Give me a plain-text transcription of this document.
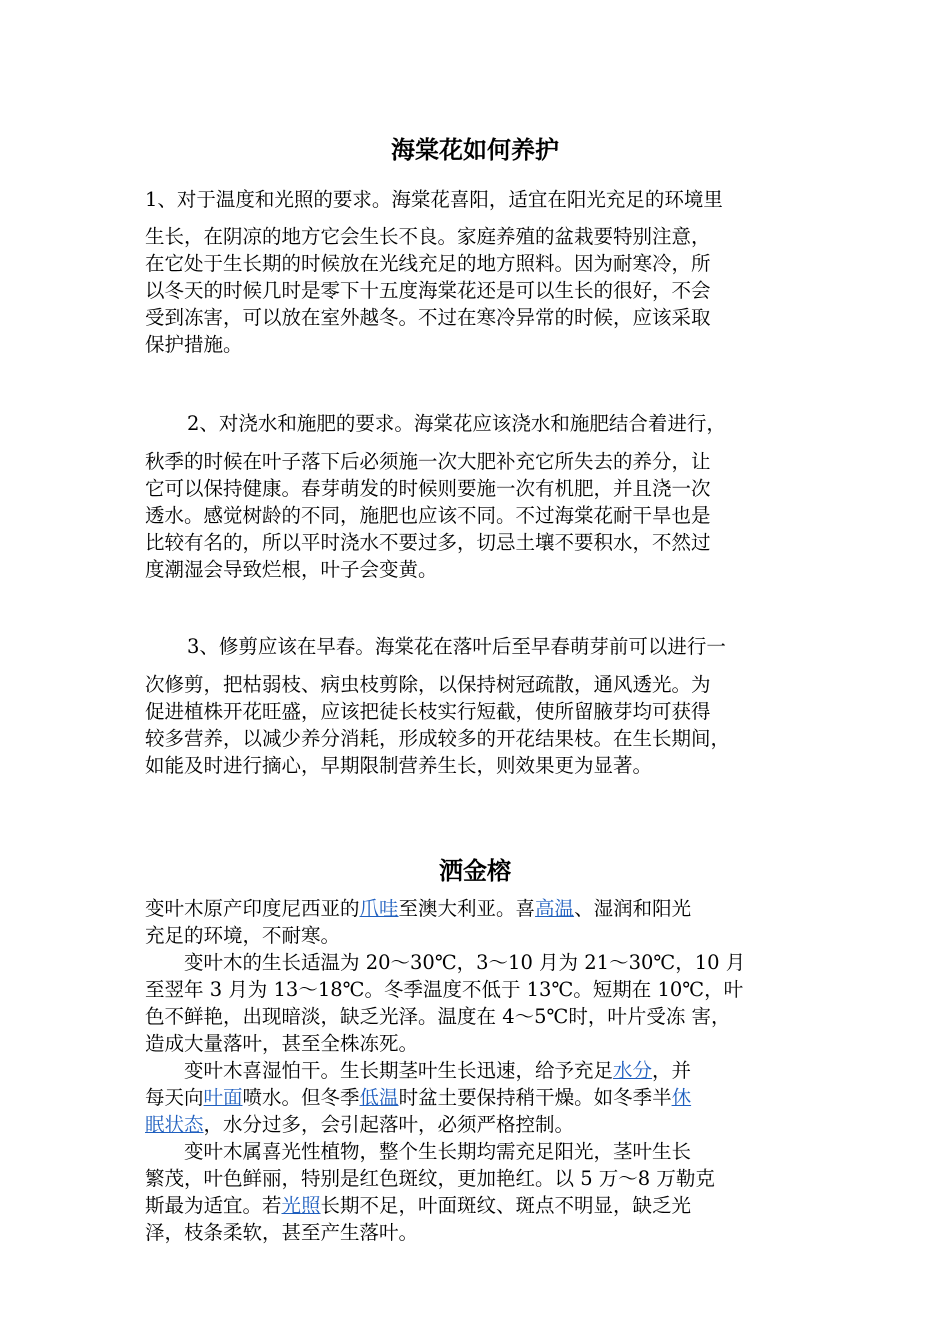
海棠花如何养护
1、对于温度和光照的要求。海棠花喜阳，适宜在阳光充足的环境里
生长，在阴凉的地方它会生长不良。家庭养殖的盆栽要特别注意，
在它处于生长期的时候放在光线充足的地方照料。因为耐寒冷，所
以冬天的时候几时是零下十五度海棠花还是可以生长的很好，不会
受到冻害，可以放在室外越冬。不过在寒冷异常的时候，应该采取
保护措施。
2、对浇水和施肥的要求。海棠花应该浇水和施肥结合着进行，
秋季的时候在叶子落下后必须施一次大肥补充它所失去的养分，让
它可以保持健康。春芽萌发的时候则要施一次有机肥，并且浇一次
透水。感觉树龄的不同，施肥也应该不同。不过海棠花耐干旱也是
比较有名的，所以平时浇水不要过多，切忌土壤不要积水，不然过
度潮湿会导致烂根，叶子会变黄。
3、修剪应该在早春。海棠花在落叶后至早春萌芽前可以进行一
次修剪，把枯弱枝、病虫枝剪除，以保持树冠疏散，通风透光。为
促进植株开花旺盛，应该把徒长枝实行短截，使所留腋芽均可获得
较多营养，以减少养分消耗，形成较多的开花结果枝。在生长期间，
如能及时进行摘心，早期限制营养生长，则效果更为显著。
洒金榕
变叶木原产印度尼西亚的爪哇至澳大利亚。喜高温、湿润和阳光
充足的环境，不耐寒。
　　变叶木的生长适温为 20～30℃，3～10 月为 21～30℃，10 月
至翌年 3 月为 13～18℃。冬季温度不低于 13℃。短期在 10℃，叶
色不鲜艳，出现暗淡，缺乏光泽。温度在 4～5℃时，叶片受冻 害，
造成大量落叶，甚至全株冻死。
　　变叶木喜湿怕干。生长期茎叶生长迅速，给予充足水分，并
每天向叶面喷水。但冬季低温时盆土要保持稍干燥。如冬季半休
眠状态，水分过多，会引起落叶，必须严格控制。
　　变叶木属喜光性植物，整个生长期均需充足阳光，茎叶生长
繁茂，叶色鲜丽，特别是红色斑纹，更加艳红。以 5 万～8 万勒克
斯最为适宜。若光照长期不足，叶面斑纹、斑点不明显，缺乏光
泽，枝条柔软，甚至产生落叶。
